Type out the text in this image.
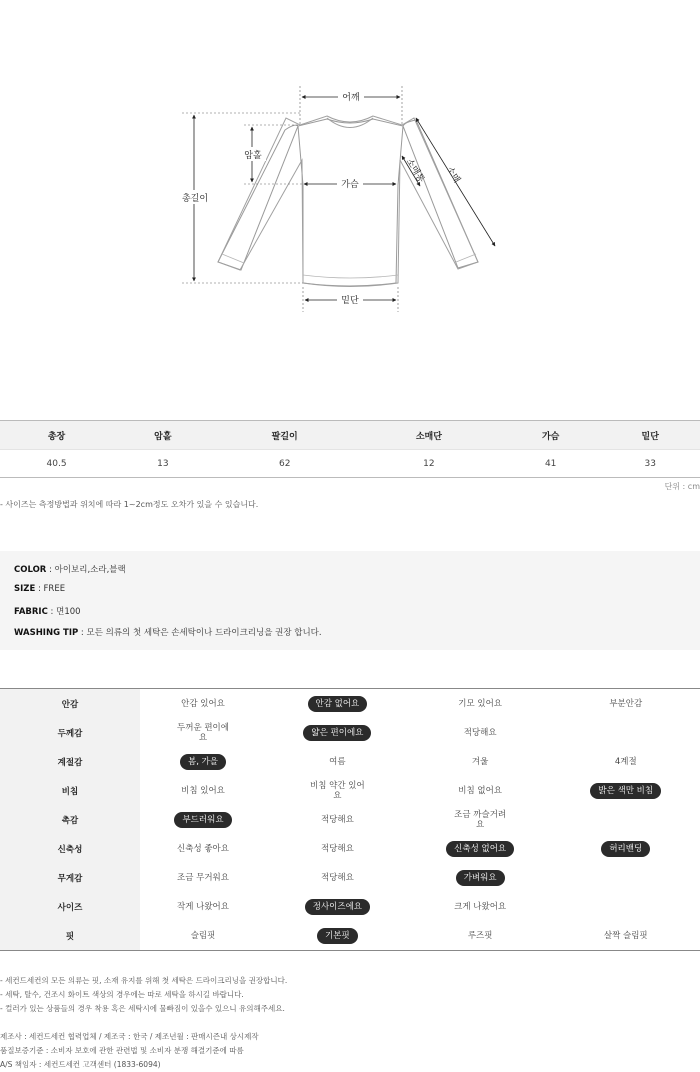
어깨
총길이
암홀
가슴
밑단
소매
소매통
총장	암홀	팔길이	소매단	가슴	밑단
40.5	13	62	12	41	33
단위 : cm
- 사이즈는 측정방법과 위치에 따라 1~2cm정도 오차가 있을 수 있습니다.
COLOR : 아이보리,소라,블랙
SIZE : FREE
FABRIC : 면100
WASHING TIP : 모든 의류의 첫 세탁은 손세탁이나 드라이크리닝을 권장 합니다.
안감	안감 있어요	안감 없어요	기모 있어요	부분안감
두께감	두꺼운 편이에요	얇은 편이에요	적당해요	
계절감	봄, 가을	여름	겨울	4계절
비침	비침 있어요	비침 약간 있어요	비침 없어요	밝은 색만 비침
촉감	부드러워요	적당해요	조금 까슬거려요	
신축성	신축성 좋아요	적당해요	신축성 없어요	허리밴딩
무게감	조금 무거워요	적당해요	가벼워요	
사이즈	작게 나왔어요	정사이즈에요	크게 나왔어요	
핏	슬림핏	기본핏	루즈핏	살짝 슬림핏
- 세컨드세컨의 모든 의류는 핏, 소재 유지를 위해 첫 세탁은 드라이크리닝을 권장합니다.
- 세탁, 탈수, 건조시 화이트 색상의 경우에는 따로 세탁을 하시길 바랍니다.
- 컬러가 있는 상품들의 경우 착용 혹은 세탁시에 물빠짐이 있을수 있으니 유의해주세요.
제조사 : 세컨드세컨 협력업체 / 제조국 : 한국 / 제조년월 : 판매시즌내 상시제작
품질보증기준 : 소비자 보호에 관한 관련법 및 소비자 분쟁 해결기준에 따름
A/S 책임자 : 세컨드세컨 고객센터 (1833-6094)
